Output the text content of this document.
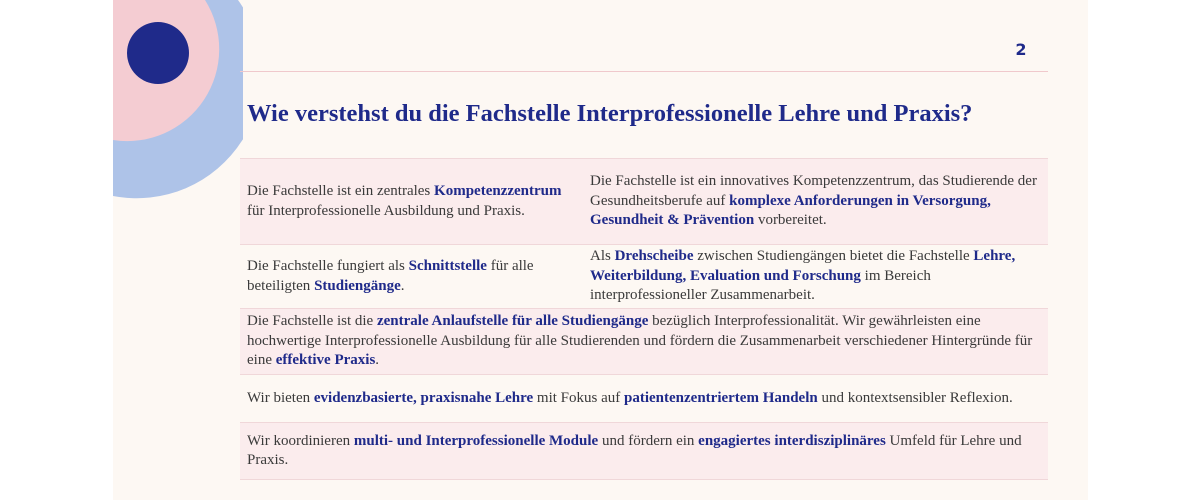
2
Wie verstehst du die Fachstelle Interprofessionelle Lehre und Praxis?
Die Fachstelle ist ein zentrales Kompetenzzentrum für Interprofessionelle Ausbildung und Praxis.
Die Fachstelle ist ein innovatives Kompetenzzentrum, das Studierende der Gesundheitsberufe auf komplexe Anforderungen in Versorgung, Gesundheit & Prävention vorbereitet.
Die Fachstelle fungiert als Schnittstelle für alle beteiligten Studiengänge.
Als Drehscheibe zwischen Studiengängen bietet die Fachstelle Lehre, Weiterbildung, Evaluation und Forschung im Bereich interprofessioneller Zusammenarbeit.
Die Fachstelle ist die zentrale Anlaufstelle für alle Studiengänge bezüglich Interprofessionalität. Wir gewährleisten eine hochwertige Interprofessionelle Ausbildung für alle Studierenden und fördern die Zusammenarbeit verschiedener Hintergründe für eine effektive Praxis.
Wir bieten evidenzbasierte, praxisnahe Lehre mit Fokus auf patientenzentriertem Handeln und kontextsensibler Reflexion.
Wir koordinieren multi- und Interprofessionelle Module und fördern ein engagiertes interdisziplinäres Umfeld für Lehre und Praxis.
